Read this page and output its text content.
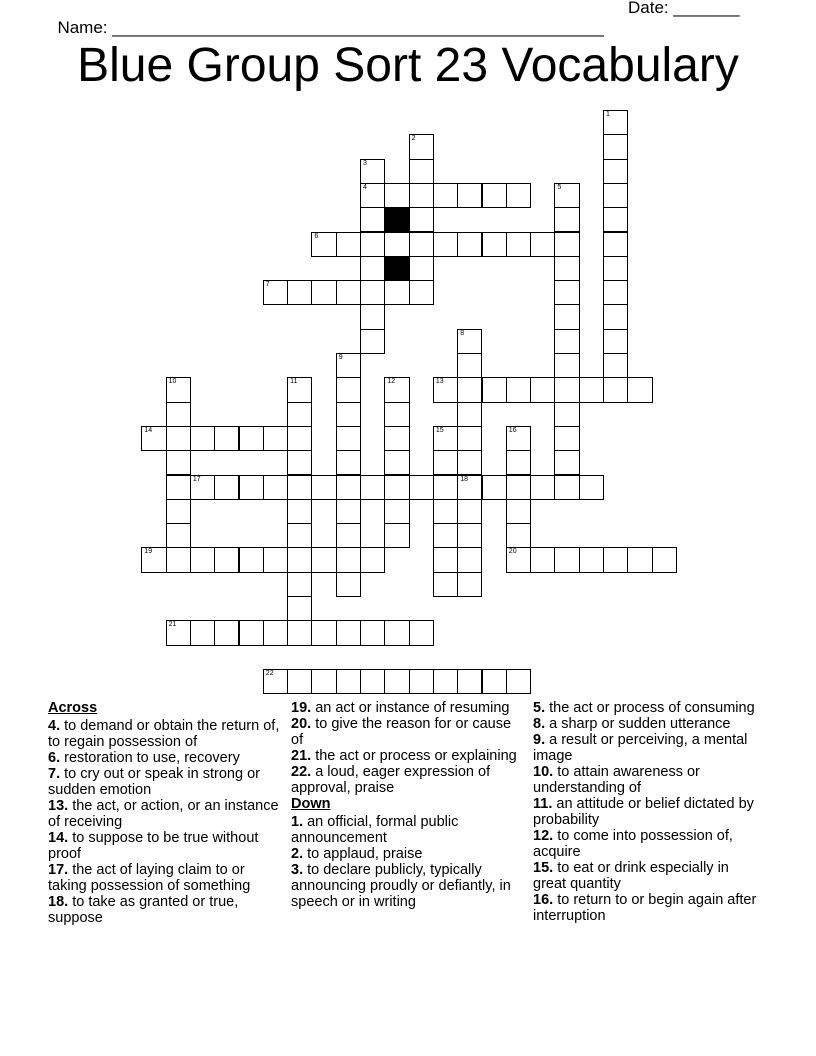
Name: ____________________________________________________

Date: _______

Blue Group Sort 23 Vocabulary
1
2
3
4	5
6
7
8
18
9
10	11	12	13
14	15	16
17
19	20
21
22
Across
4. to demand or obtain the return of, to regain possession of
6. restoration to use, recovery
7. to cry out or speak in strong or sudden emotion
13. the act, or action, or an instance of receiving
14. to suppose to be true without proof
17. the act of laying claim to or taking possession of something
18. to take as granted or true, suppose
19. an act or instance of resuming
20. to give the reason for or cause of
21. the act or process or explaining
22. a loud, eager expression of approval, praise
Down
1. an official, formal public announcement
2. to applaud, praise
3. to declare publicly, typically announcing proudly or defiantly, in speech or in writing
5. the act or process of consuming
8. a sharp or sudden utterance
9. a result or perceiving, a mental image
10. to attain awareness or understanding of
11. an attitude or belief dictated by probability
12. to come into possession of, acquire
15. to eat or drink especially in great quantity
16. to return to or begin again after interruption
